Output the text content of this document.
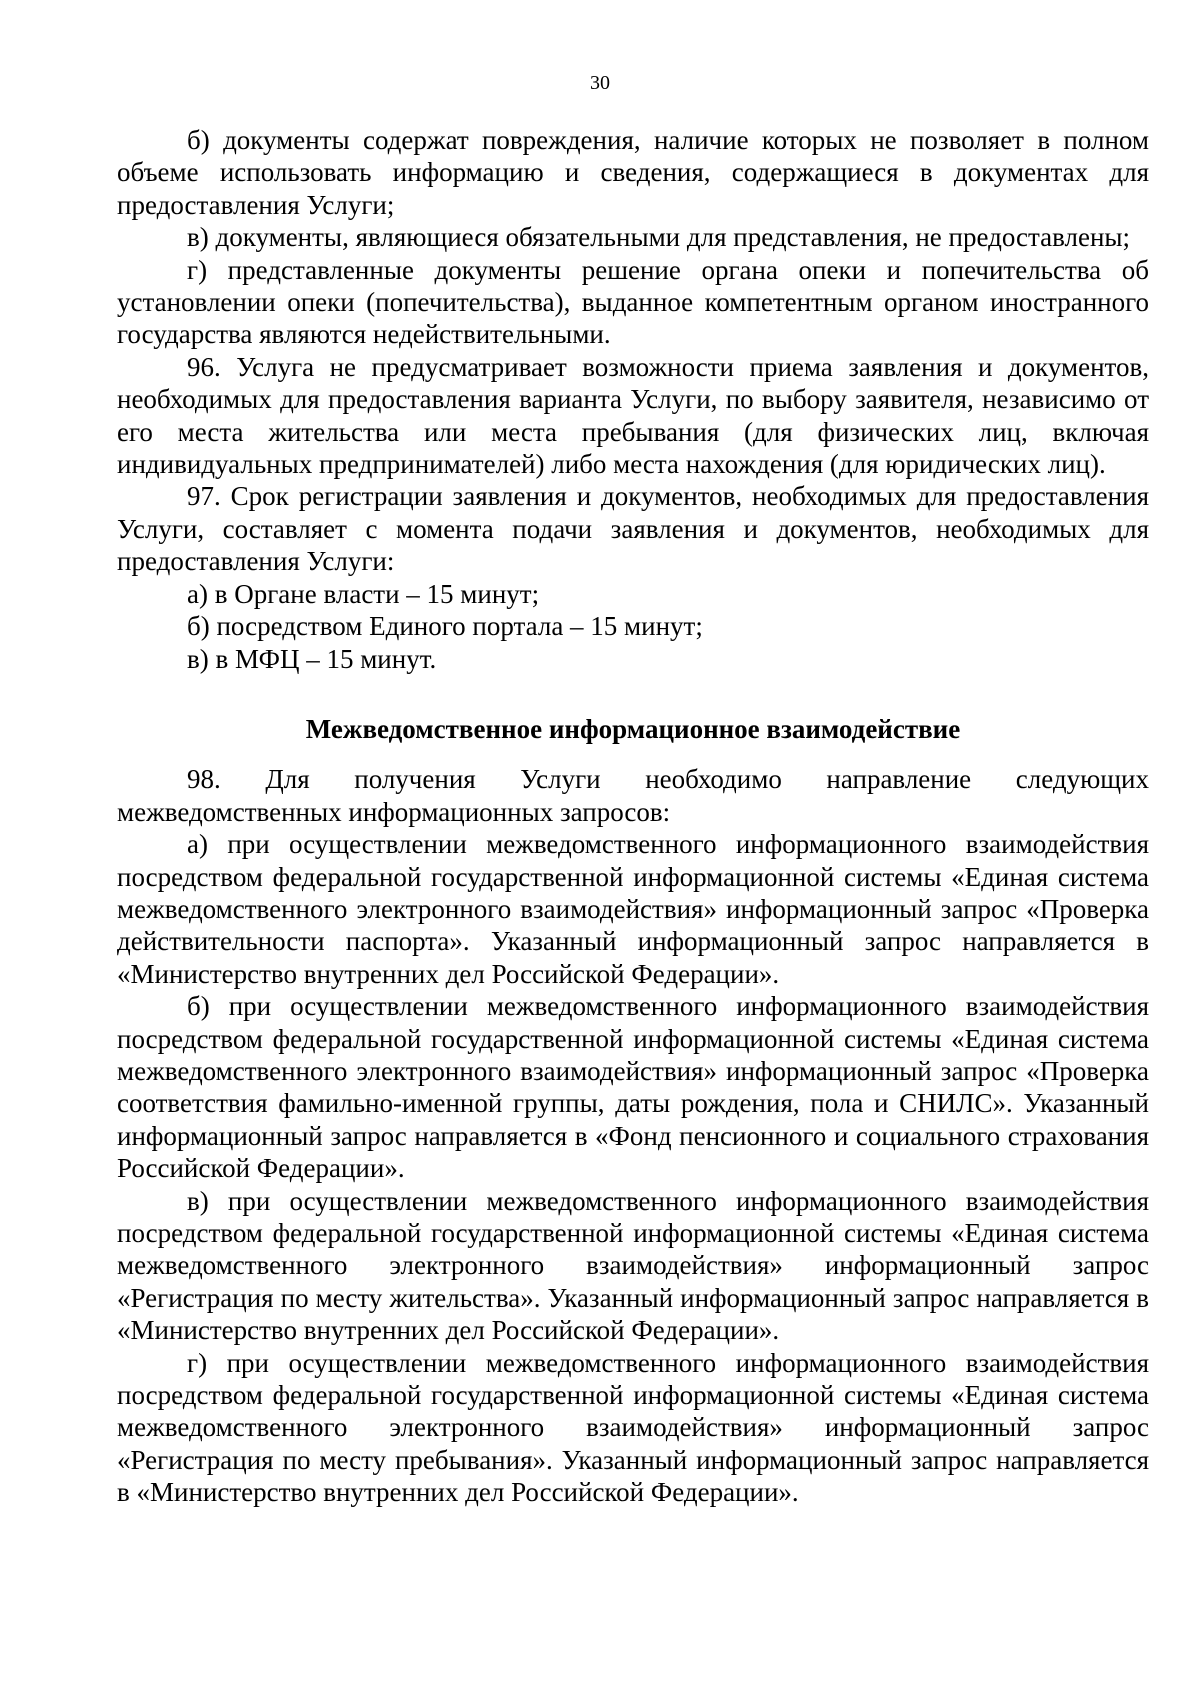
30

б) документы содержат повреждения, наличие которых не позволяет в полном объеме использовать информацию и сведения, содержащиеся в документах для предоставления Услуги;

в) документы, являющиеся обязательными для представления, не предоставлены;

г) представленные документы решение органа опеки и попечительства об установлении опеки (попечительства), выданное компетентным органом иностранного государства являются недействительными.

96. Услуга не предусматривает возможности приема заявления и документов, необходимых для предоставления варианта Услуги, по выбору заявителя, независимо от его места жительства или места пребывания (для физических лиц, включая индивидуальных предпринимателей) либо места нахождения (для юридических лиц).

97. Срок регистрации заявления и документов, необходимых для предоставления Услуги, составляет с момента подачи заявления и документов, необходимых для предоставления Услуги:

а) в Органе власти – 15 минут;

б) посредством Единого портала – 15 минут;

в) в МФЦ – 15 минут.

Межведомственное информационное взаимодействие

98. Для получения Услуги необходимо направление следующих межведомственных информационных запросов:

а) при осуществлении межведомственного информационного взаимодействия посредством федеральной государственной информационной системы «Единая система межведомственного электронного взаимодействия» информационный запрос «Проверка действительности паспорта». Указанный информационный запрос направляется в «Министерство внутренних дел Российской Федерации».

б) при осуществлении межведомственного информационного взаимодействия посредством федеральной государственной информационной системы «Единая система межведомственного электронного взаимодействия» информационный запрос «Проверка соответствия фамильно-именной группы, даты рождения, пола и СНИЛС». Указанный информационный запрос направляется в «Фонд пенсионного и социального страхования Российской Федерации».

в) при осуществлении межведомственного информационного взаимодействия посредством федеральной государственной информационной системы «Единая система межведомственного электронного взаимодействия» информационный запрос «Регистрация по месту жительства». Указанный информационный запрос направляется в «Министерство внутренних дел Российской Федерации».

г) при осуществлении межведомственного информационного взаимодействия посредством федеральной государственной информационной системы «Единая система межведомственного электронного взаимодействия» информационный запрос «Регистрация по месту пребывания». Указанный информационный запрос направляется в «Министерство внутренних дел Российской Федерации».
